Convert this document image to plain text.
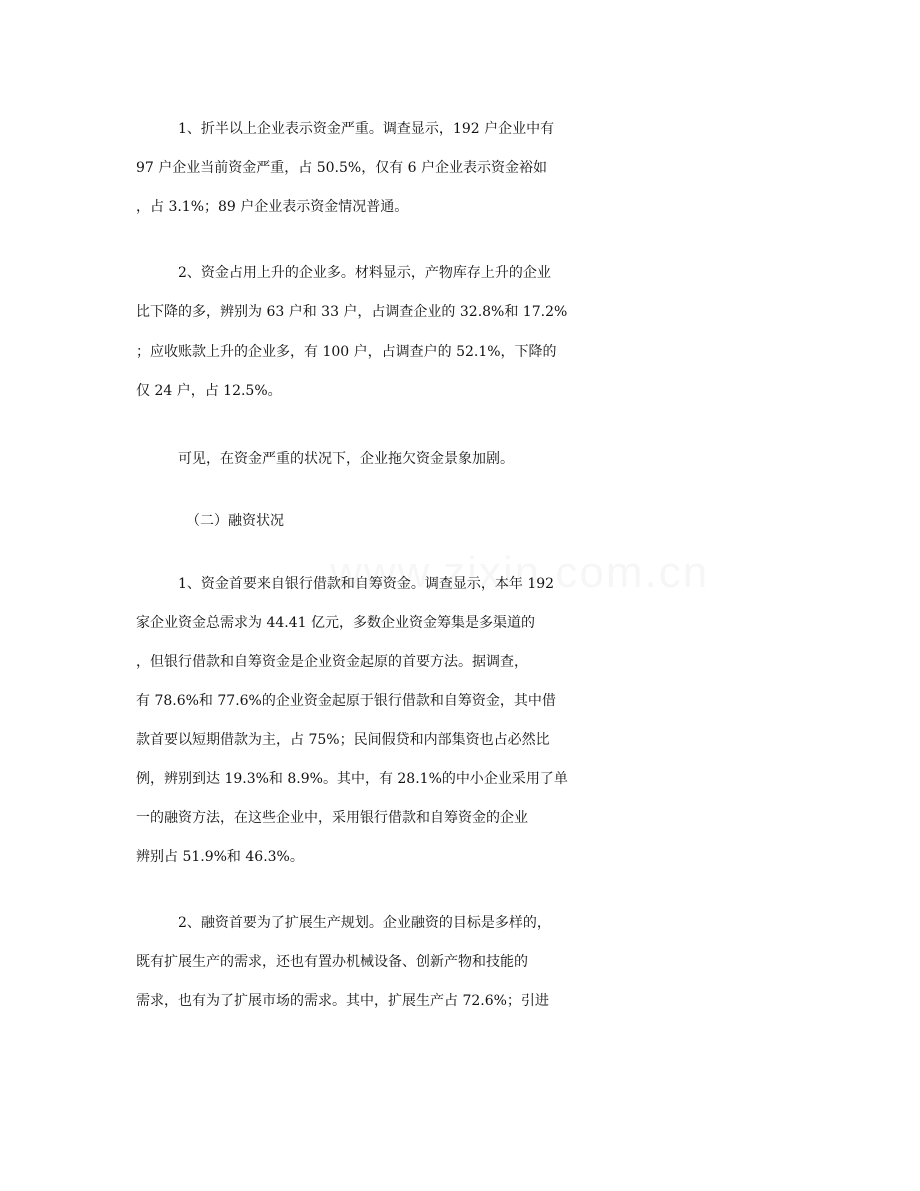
1、折半以上企业表示资金严重。调查显示，192 户企业中有
97 户企业当前资金严重，占 50.5%，仅有 6 户企业表示资金裕如
，占 3.1%；89 户企业表示资金情况普通。
2、资金占用上升的企业多。材料显示，产物库存上升的企业
比下降的多，辨别为 63 户和 33 户，占调查企业的 32.8%和 17.2%
；应收账款上升的企业多，有 100 户，占调查户的 52.1%，下降的
仅 24 户，占 12.5%。
可见，在资金严重的状况下，企业拖欠资金景象加剧。
（二）融资状况
1、资金首要来自银行借款和自筹资金。调查显示，本年 192
家企业资金总需求为 44.41 亿元，多数企业资金筹集是多渠道的
，但银行借款和自筹资金是企业资金起原的首要方法。据调查，
有 78.6%和 77.6%的企业资金起原于银行借款和自筹资金，其中借
款首要以短期借款为主，占 75%；民间假贷和内部集资也占必然比
例，辨别到达 19.3%和 8.9%。其中，有 28.1%的中小企业采用了单
一的融资方法，在这些企业中，采用银行借款和自筹资金的企业
辨别占 51.9%和 46.3%。
2、融资首要为了扩展生产规划。企业融资的目标是多样的，
既有扩展生产的需求，还也有置办机械设备、创新产物和技能的
需求，也有为了扩展市场的需求。其中，扩展生产占 72.6%；引进
